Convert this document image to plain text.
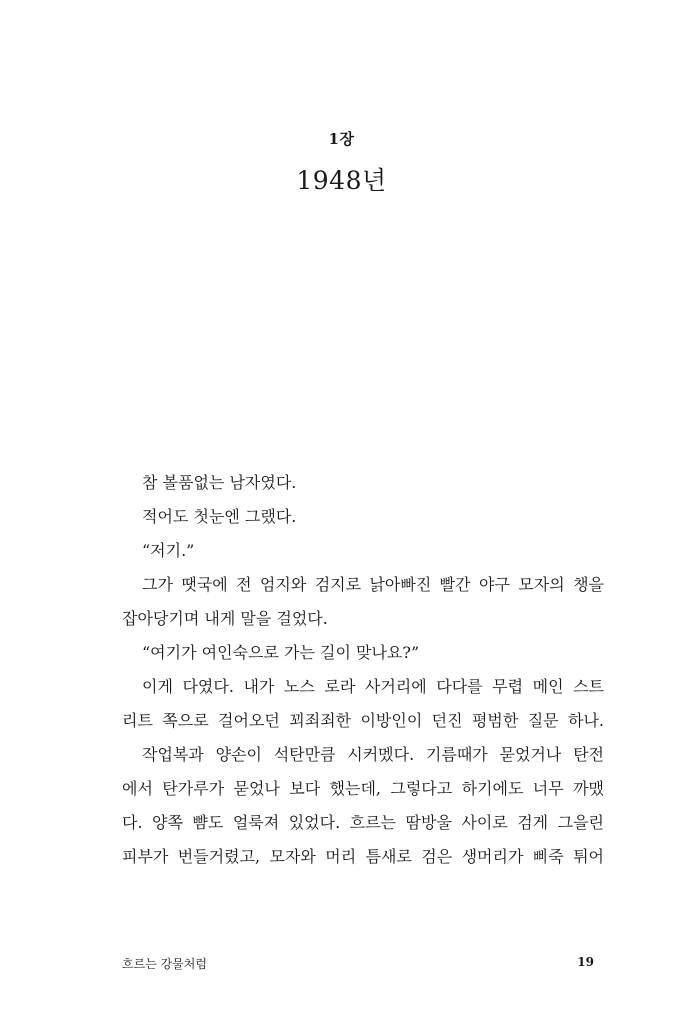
1장
1948년
참 볼품없는 남자였다.
적어도 첫눈엔 그랬다.
“저기.”
그가 땟국에 전 엄지와 검지로 낡아빠진 빨간 야구 모자의 챙을
잡아당기며 내게 말을 걸었다.
“여기가 여인숙으로 가는 길이 맞나요?”
이게 다였다. 내가 노스 로라 사거리에 다다를 무렵 메인 스트
리트 쪽으로 걸어오던 꾀죄죄한 이방인이 던진 평범한 질문 하나.
작업복과 양손이 석탄만큼 시커멨다. 기름때가 묻었거나 탄전
에서 탄가루가 묻었나 보다 했는데, 그렇다고 하기에도 너무 까맸
다. 양쪽 뺨도 얼룩져 있었다. 흐르는 땀방울 사이로 검게 그을린
피부가 번들거렸고, 모자와 머리 틈새로 검은 생머리가 삐죽 튀어
흐르는 강물처럼	19
